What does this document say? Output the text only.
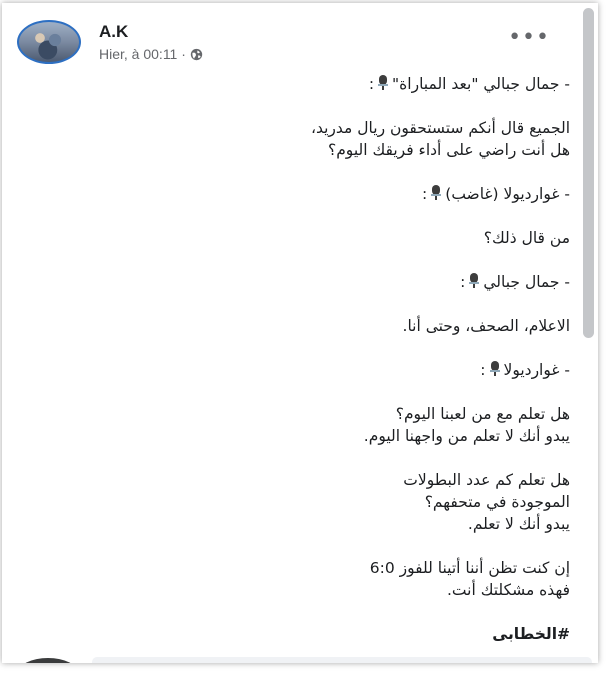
A.K
Hier, à 00:11 ·
•••
- جمال جبالي "بعد المباراة":
الجميع قال أنكم ستستحقون ريال مدريد،
هل أنت راضي على أداء فريقك اليوم؟
- غواردیولا (غاضب):
من قال ذلك؟
- جمال جبالي:
الاعلام، الصحف، وحتى أنا.
- غواردیولا:
هل تعلم مع من لعبنا اليوم؟
يبدو أنك لا تعلم من واجهنا اليوم.
هل تعلم كم عدد البطولات
الموجودة في متحفهم؟
يبدو أنك لا تعلم.
إن كنت تظن أننا أتينا للفوز 6:0
فهذه مشكلتك أنت.
#الخطابی
